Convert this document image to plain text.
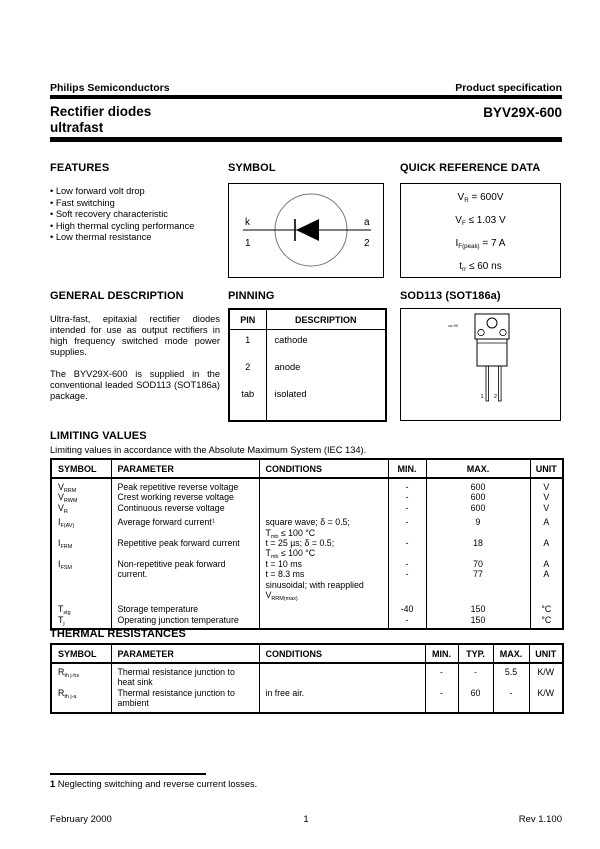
Philips Semiconductors	Product specification
Rectifier diodes
ultrafast
BYV29X-600
FEATURES
• Low forward volt drop
• Fast switching
• Soft recovery characteristic
• High thermal cycling performance
• Low thermal resistance
SYMBOL
k
1
a
2
QUICK REFERENCE DATA
$V_R = 600V$
$V_F \le 1.03$ V
$I_{F(peak)} = 7$ A
$t_{rr} \le 60$ ns
GENERAL DESCRIPTION

Ultra-fast, epitaxial rectifier diodes intended for use as output rectifiers in high frequency switched mode power supplies.

The BYV29X-600 is supplied in the conventional leaded SOD113 (SOT186a) package.

PINNING
PIN	DESCRIPTION
1	cathode
2	anode
tab	isolated

SOD113 (SOT186a)
ca 90
1 2
LIMITING VALUES
Limiting values in accordance with the Absolute Maximum System (IEC 134).
SYMBOL	PARAMETER	CONDITIONS	MIN.	MAX.	UNIT

$V_{RRM}$	Peak repetitive reverse voltage		-	600	V
$V_{RWM}$	Crest working reverse voltage		-	600	V
$V_R$	Continuous reverse voltage		-	600	V

$I_{F(AV)}$	Average forward current$^1$	square wave; δ = 0.5;	-	9	A
		$T_{mb} \le 100$ °C			
$I_{FRM}$	Repetitive peak forward current	t = 25 µs; δ = 0.5;	-	18	A
		$T_{mb} \le 100$ °C			
$I_{FSM}$	Non-repetitive peak forward	t = 10 ms	-	70	A
	current.	t = 8.3 ms	-	77	A
		sinusoidal; with reapplied			
		$V_{RRM(max)}$			

$T_{stg}$	Storage temperature		-40	150	°C
$T_j$	Operating junction temperature		-	150	°C

THERMAL RESISTANCES
SYMBOL	PARAMETER	CONDITIONS	MIN.	TYP.	MAX.	UNIT

$R_{th j-hs}$	Thermal resistance junction to		-	-	5.5	K/W
	heat sink					
$R_{th j-a}$	Thermal resistance junction to	in free air.	-	60	-	K/W
	ambient					

1 Neglecting switching and reverse current losses.
1
February 2000	Rev 1.100
